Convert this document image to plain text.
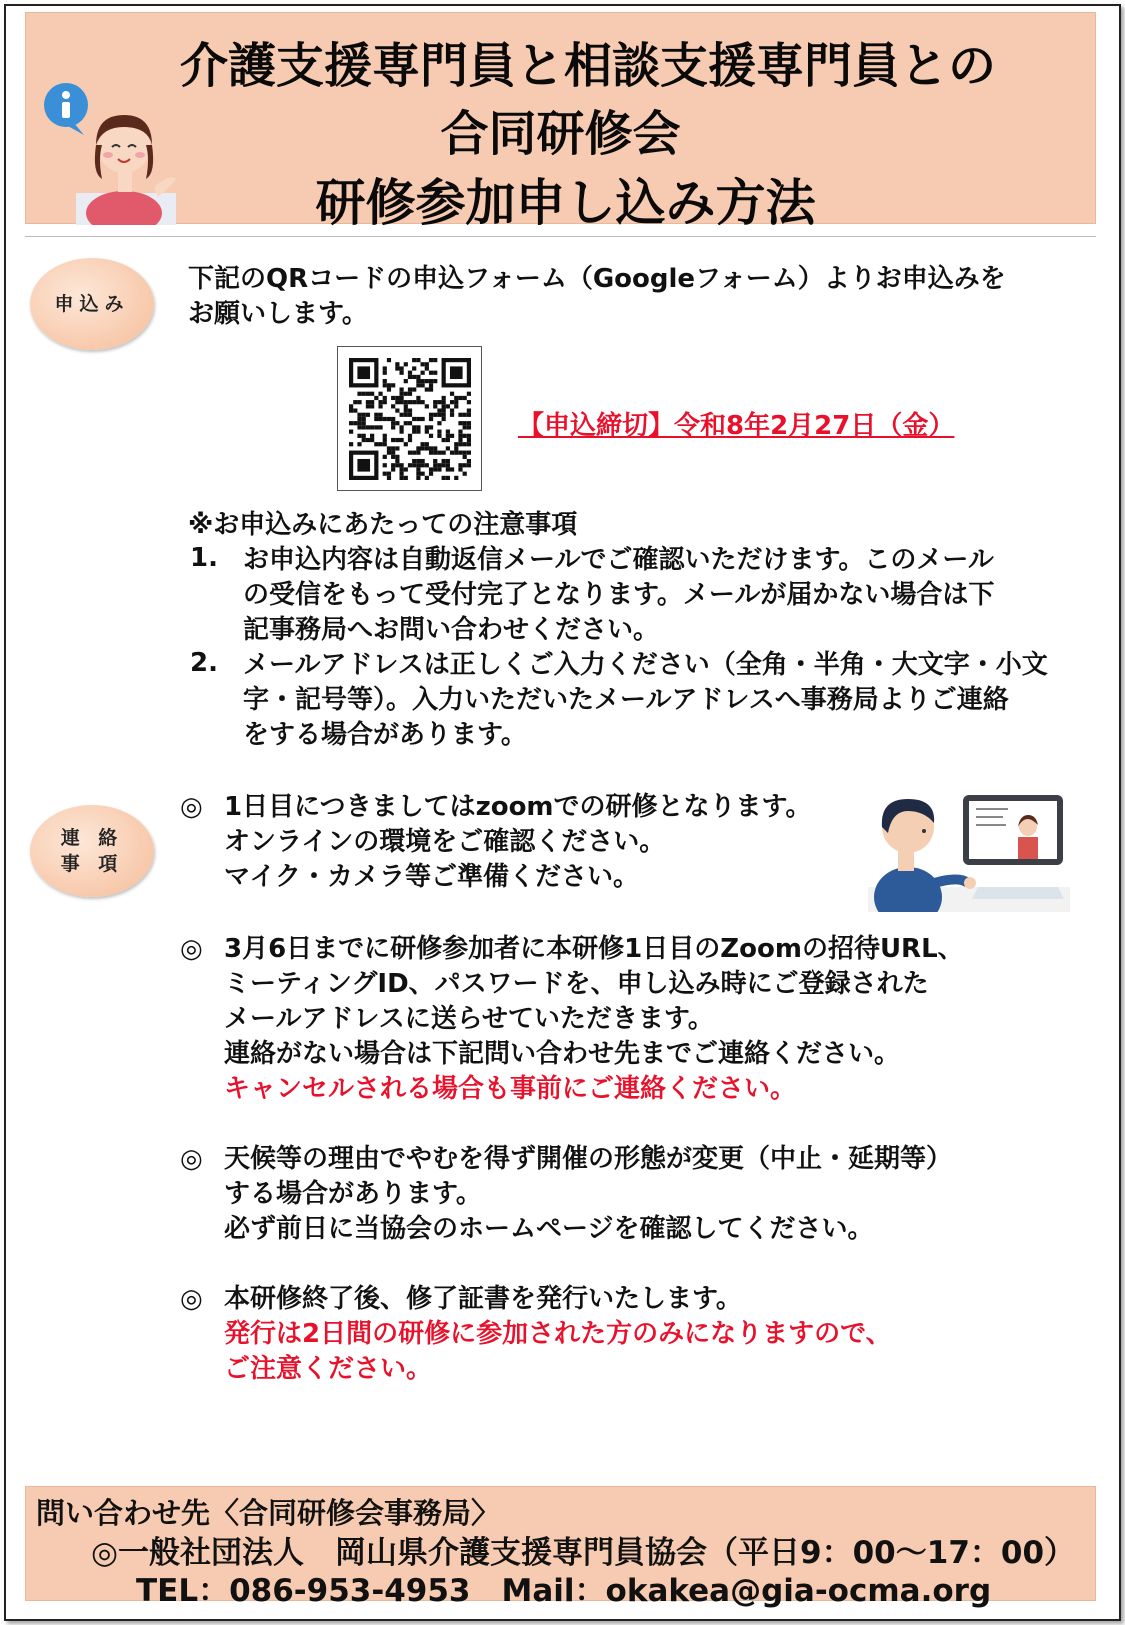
介護支援専門員と相談支援専門員との
合同研修会
研修参加申し込み方法
申込み
下記のQRコードの申込フォーム（Googleフォーム）よりお申込みを
お願いします。
【申込締切】令和8年2月27日（金）
※お申込みにあたっての注意事項
1. お申込内容は自動返信メールでご確認いただけます。このメール
の受信をもって受付完了となります。メールが届かない場合は下
記事務局へお問い合わせください。
2. メールアドレスは正しくご入力ください（全角・半角・大文字・小文
字・記号等）。入力いただいたメールアドレスへ事務局よりご連絡
をする場合があります。
連 絡
事 項
◎ 1日目につきましてはzoomでの研修となります。
オンラインの環境をご確認ください。
マイク・カメラ等ご準備ください。
◎ 3月6日までに研修参加者に本研修1日目のZoomの招待URL、
ミーティングID、パスワードを、申し込み時にご登録された
メールアドレスに送らせていただきます。
連絡がない場合は下記問い合わせ先までご連絡ください。
キャンセルされる場合も事前にご連絡ください。
◎ 天候等の理由でやむを得ず開催の形態が変更（中止・延期等）
する場合があります。
必ず前日に当協会のホームページを確認してください。
◎ 本研修終了後、修了証書を発行いたします。
発行は2日間の研修に参加された方のみになりますので、
ご注意ください。
問い合わせ先〈合同研修会事務局〉
◎一般社団法人　岡山県介護支援専門員協会（平日9：00〜17：00）
TEL：086-953-4953　Mail：okakea@gia-ocma.org
